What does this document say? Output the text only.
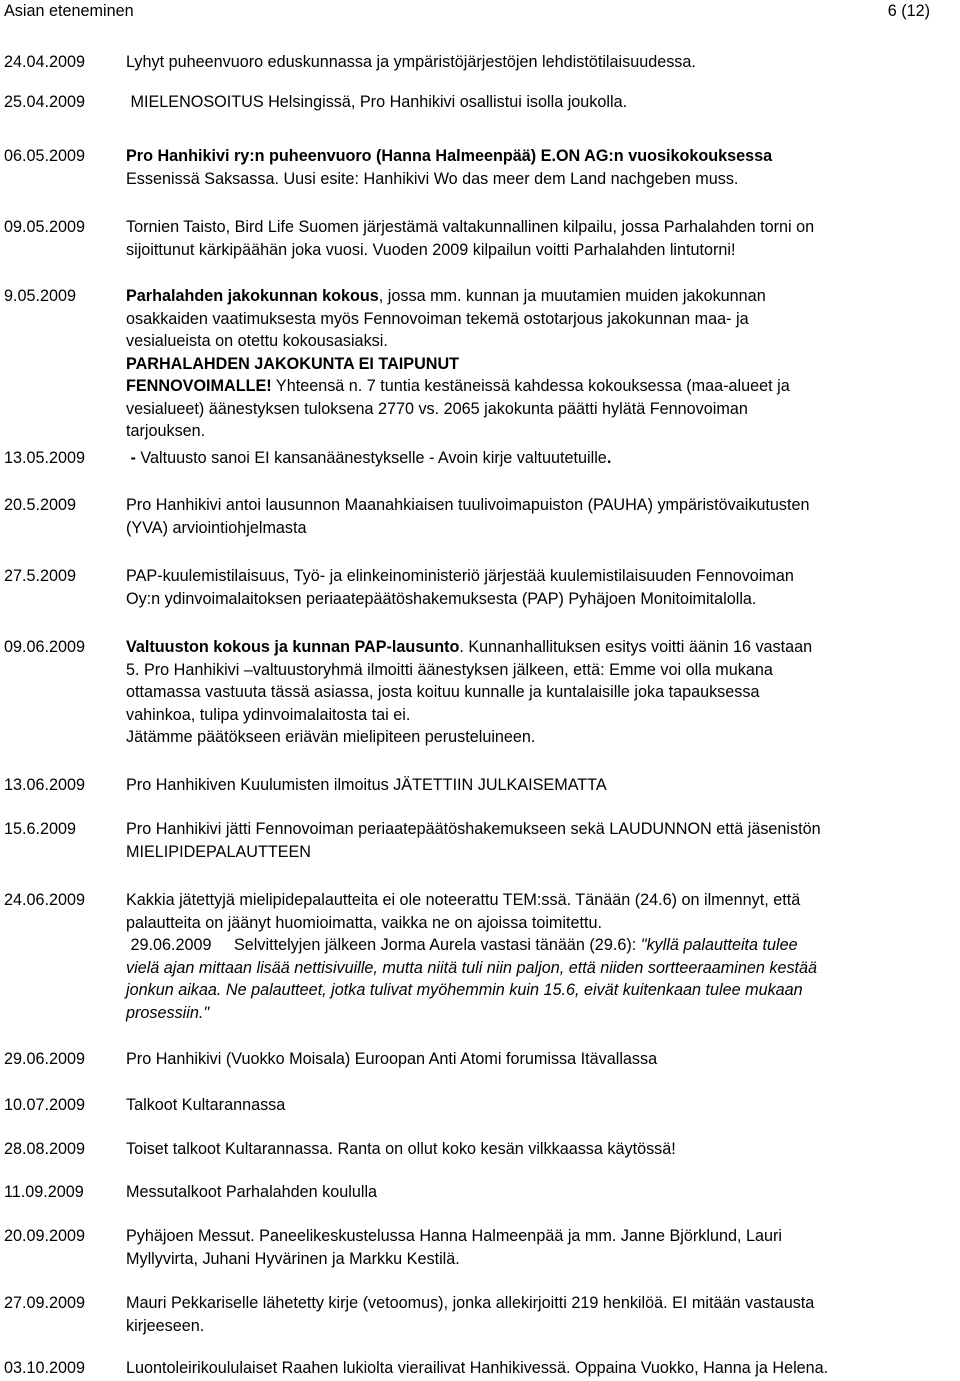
Asian eteneminen	6 (12)
24.04.2009	Lyhyt puheenvuoro eduskunnassa ja ympäristöjärjestöjen lehdistötilaisuudessa.
25.04.2009	MIELENOSOITUS Helsingissä, Pro Hanhikivi osallistui isolla joukolla.
06.05.2009	Pro Hanhikivi ry:n puheenvuoro (Hanna Halmeenpää) E.ON AG:n vuosikokouksessa
Essenissä Saksassa. Uusi esite: Hanhikivi Wo das meer dem Land nachgeben muss.
09.05.2009	Tornien Taisto, Bird Life Suomen järjestämä valtakunnallinen kilpailu, jossa Parhalahden torni on
sijoittunut kärkipäähän joka vuosi. Vuoden 2009 kilpailun voitti Parhalahden lintutorni!
9.05.2009	Parhalahden jakokunnan kokous, jossa mm. kunnan ja muutamien muiden jakokunnan
osakkaiden vaatimuksesta myös Fennovoiman tekemä ostotarjous jakokunnan maa- ja
vesialueista on otettu kokousasiaksi.
PARHALAHDEN JAKOKUNTA EI TAIPUNUT
FENNOVOIMALLE! Yhteensä n. 7 tuntia kestäneissä kahdessa kokouksessa (maa-alueet ja
vesialueet) äänestyksen tuloksena 2770 vs. 2065 jakokunta päätti hylätä Fennovoiman
tarjouksen.
13.05.2009	- Valtuusto sanoi EI kansanäänestykselle - Avoin kirje valtuutetuille.
20.5.2009	Pro Hanhikivi antoi lausunnon Maanahkiaisen tuulivoimapuiston (PAUHA) ympäristövaikutusten
(YVA) arviointiohjelmasta
27.5.2009	PAP-kuulemistilaisuus, Työ- ja elinkeinoministeriö järjestää kuulemistilaisuuden Fennovoiman
Oy:n ydinvoimalaitoksen periaatepäätöshakemuksesta (PAP) Pyhäjoen Monitoimitalolla.
09.06.2009	Valtuuston kokous ja kunnan PAP-lausunto. Kunnanhallituksen esitys voitti äänin 16 vastaan
5. Pro Hanhikivi –valtuustoryhmä ilmoitti äänestyksen jälkeen, että: Emme voi olla mukana
ottamassa vastuuta tässä asiassa, josta koituu kunnalle ja kuntalaisille joka tapauksessa
vahinkoa, tulipa ydinvoimalaitosta tai ei.
Jätämme päätökseen eriävän mielipiteen perusteluineen.
13.06.2009	Pro Hanhikiven Kuulumisten ilmoitus JÄTETTIIN JULKAISEMATTA
15.6.2009	Pro Hanhikivi jätti Fennovoiman periaatepäätöshakemukseen sekä LAUDUNNON että jäsenistön
MIELIPIDEPALAUTTEEN
24.06.2009	Kakkia jätettyjä mielipidepalautteita ei ole noteerattu TEM:ssä. Tänään (24.6) on ilmennyt, että
palautteita on jäänyt huomioimatta, vaikka ne on ajoissa toimitettu.
29.06.2009     Selvittelyjen jälkeen Jorma Aurela vastasi tänään (29.6): "kyllä palautteita tulee
vielä ajan mittaan lisää nettisivuille, mutta niitä tuli niin paljon, että niiden sortteeraaminen kestää
jonkun aikaa. Ne palautteet, jotka tulivat myöhemmin kuin 15.6, eivät kuitenkaan tulee mukaan
prosessiin."
29.06.2009	Pro Hanhikivi (Vuokko Moisala) Euroopan Anti Atomi forumissa Itävallassa
10.07.2009	Talkoot Kultarannassa
28.08.2009	Toiset talkoot Kultarannassa. Ranta on ollut koko kesän vilkkaassa käytössä!
11.09.2009	Messutalkoot Parhalahden koululla
20.09.2009	Pyhäjoen Messut. Paneelikeskustelussa Hanna Halmeenpää ja mm. Janne Björklund, Lauri
Myllyvirta, Juhani Hyvärinen ja Markku Kestilä.
27.09.2009	Mauri Pekkariselle lähetetty kirje (vetoomus), jonka allekirjoitti 219 henkilöä. EI mitään vastausta
kirjeeseen.
03.10.2009	Luontoleirikoululaiset Raahen lukiolta vierailivat Hanhikivessä. Oppaina Vuokko, Hanna ja Helena.
